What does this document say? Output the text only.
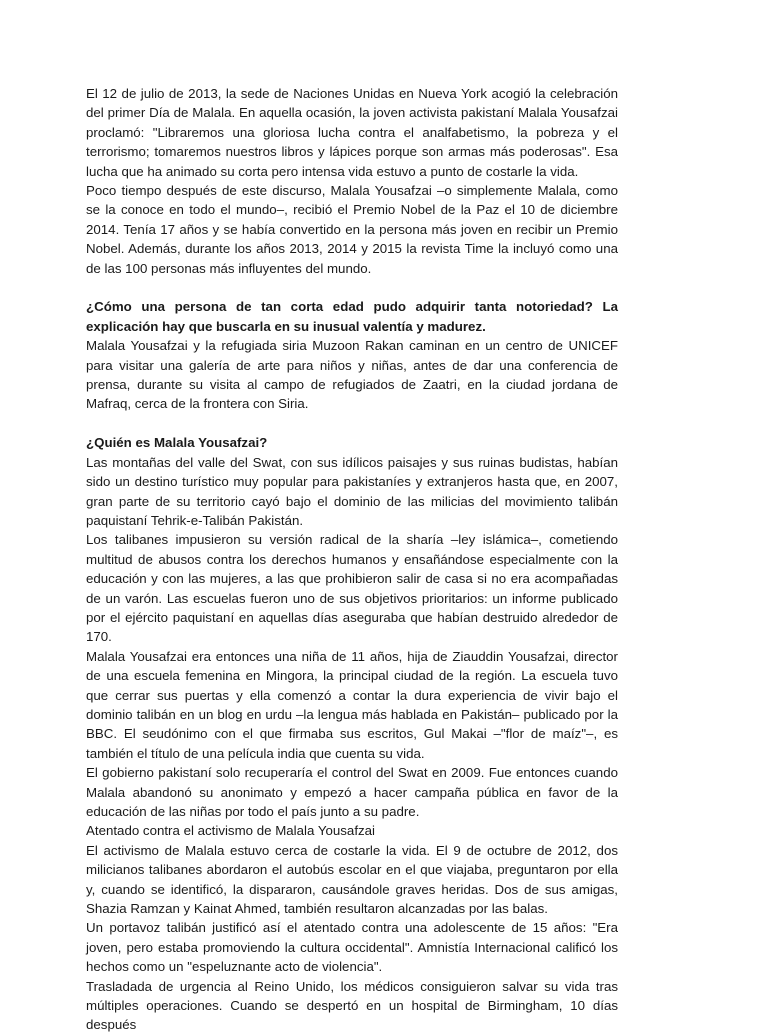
El 12 de julio de 2013, la sede de Naciones Unidas en Nueva York acogió la celebración del primer Día de Malala. En aquella ocasión, la joven activista pakistaní Malala Yousafzai proclamó: "Libraremos una gloriosa lucha contra el analfabetismo, la pobreza y el terrorismo; tomaremos nuestros libros y lápices porque son armas más poderosas". Esa lucha que ha animado su corta pero intensa vida estuvo a punto de costarle la vida.

Poco tiempo después de este discurso, Malala Yousafzai –o simplemente Malala, como se la conoce en todo el mundo–, recibió el Premio Nobel de la Paz el 10 de diciembre 2014. Tenía 17 años y se había convertido en la persona más joven en recibir un Premio Nobel. Además, durante los años 2013, 2014 y 2015 la revista Time la incluyó como una de las 100 personas más influyentes del mundo.

¿Cómo una persona de tan corta edad pudo adquirir tanta notoriedad? La explicación hay que buscarla en su inusual valentía y madurez.

Malala Yousafzai y la refugiada siria Muzoon Rakan caminan en un centro de UNICEF para visitar una galería de arte para niños y niñas, antes de dar una conferencia de prensa, durante su visita al campo de refugiados de Zaatri, en la ciudad jordana de Mafraq, cerca de la frontera con Siria.

¿Quién es Malala Yousafzai?

Las montañas del valle del Swat, con sus idílicos paisajes y sus ruinas budistas, habían sido un destino turístico muy popular para pakistaníes y extranjeros hasta que, en 2007, gran parte de su territorio cayó bajo el dominio de las milicias del movimiento talibán paquistaní Tehrik-e-Talibán Pakistán.

Los talibanes impusieron su versión radical de la sharía –ley islámica–, cometiendo multitud de abusos contra los derechos humanos y ensañándose especialmente con la educación y con las mujeres, a las que prohibieron salir de casa si no era acompañadas de un varón. Las escuelas fueron uno de sus objetivos prioritarios: un informe publicado por el ejército paquistaní en aquellas días aseguraba que habían destruido alrededor de 170.

Malala Yousafzai era entonces una niña de 11 años, hija de Ziauddin Yousafzai, director de una escuela femenina en Mingora, la principal ciudad de la región. La escuela tuvo que cerrar sus puertas y ella comenzó a contar la dura experiencia de vivir bajo el dominio talibán en un blog en urdu –la lengua más hablada en Pakistán– publicado por la BBC. El seudónimo con el que firmaba sus escritos, Gul Makai –"flor de maíz"–, es también el título de una película india que cuenta su vida.

El gobierno pakistaní solo recuperaría el control del Swat en 2009. Fue entonces cuando Malala abandonó su anonimato y empezó a hacer campaña pública en favor de la educación de las niñas por todo el país junto a su padre.

Atentado contra el activismo de Malala Yousafzai

El activismo de Malala estuvo cerca de costarle la vida. El 9 de octubre de 2012, dos milicianos talibanes abordaron el autobús escolar en el que viajaba, preguntaron por ella y, cuando se identificó, la dispararon, causándole graves heridas. Dos de sus amigas, Shazia Ramzan y Kainat Ahmed, también resultaron alcanzadas por las balas.

Un portavoz talibán justificó así el atentado contra una adolescente de 15 años: "Era joven, pero estaba promoviendo la cultura occidental". Amnistía Internacional calificó los hechos como un "espeluznante acto de violencia".

Trasladada de urgencia al Reino Unido, los médicos consiguieron salvar su vida tras múltiples operaciones. Cuando se despertó en un hospital de Birmingham, 10 días después
